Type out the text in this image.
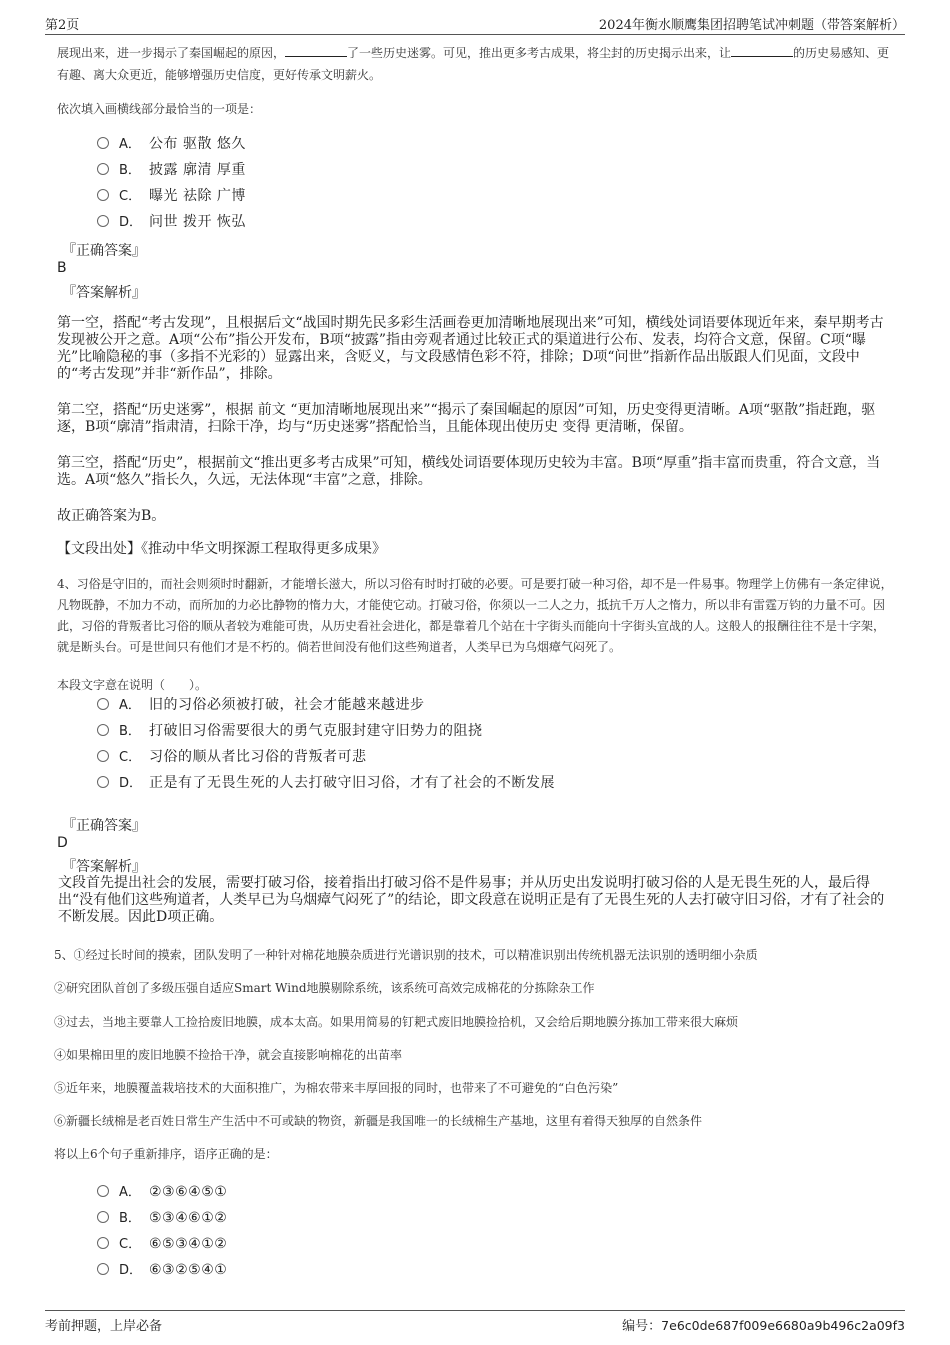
第2页	2024年衡水顺鹰集团招聘笔试冲刺题（带答案解析）
展现出来，进一步揭示了秦国崛起的原因，	了一些历史迷雾。可见，推出更多考古成果，将尘封的历史揭示出来，让	的历史易感知、更有趣、离大众更近，能够增强历史信度，更好传承文明薪火。
依次填入画横线部分最恰当的一项是：
A． 公布 驱散 悠久
B． 披露 廓清 厚重
C． 曝光 祛除 广博
D． 问世 拨开 恢弘
『正确答案』
B
『答案解析』
第一空，搭配“考古发现”，且根据后文“战国时期先民多彩生活画卷更加清晰地展现出来”可知，横线处词语要体现近年来，秦早期考古发现被公开之意。A项“公布”指公开发布，B项“披露”指由旁观者通过比较正式的渠道进行公布、发表，均符合文意，保留。C项“曝光”比喻隐秘的事（多指不光彩的）显露出来，含贬义，与文段感情色彩不符，排除；D项“问世”指新作品出版跟人们见面，文段中的“考古发现”并非“新作品”，排除。
第二空，搭配“历史迷雾”，根据 前文 “更加清晰地展现出来”“揭示了秦国崛起的原因”可知，历史变得更清晰。A项“驱散”指赶跑，驱逐，B项“廓清”指肃清，扫除干净，均与“历史迷雾”搭配恰当，且能体现出使历史 变得 更清晰，保留。
第三空，搭配“历史”，根据前文“推出更多考古成果”可知，横线处词语要体现历史较为丰富。B项“厚重”指丰富而贵重，符合文意，当选。A项“悠久”指长久，久远，无法体现“丰富”之意，排除。
故正确答案为B。
【文段出处】《推动中华文明探源工程取得更多成果》
4、习俗是守旧的，而社会则须时时翻新，才能增长滋大，所以习俗有时时打破的必要。可是要打破一种习俗，却不是一件易事。物理学上仿佛有一条定律说，凡物既静，不加力不动，而所加的力必比静物的惰力大，才能使它动。打破习俗，你须以一二人之力，抵抗千万人之惰力，所以非有雷霆万钧的力量不可。因此，习俗的背叛者比习俗的顺从者较为难能可贵，从历史看社会进化，都是靠着几个站在十字街头而能向十字街头宣战的人。这般人的报酬往往不是十字架，就是断头台。可是世间只有他们才是不朽的。倘若世间没有他们这些殉道者，人类早已为乌烟瘴气闷死了。
本段文字意在说明（　　）。
A． 旧的习俗必须被打破，社会才能越来越进步
B． 打破旧习俗需要很大的勇气克服封建守旧势力的阻挠
C． 习俗的顺从者比习俗的背叛者可悲
D． 正是有了无畏生死的人去打破守旧习俗，才有了社会的不断发展
『正确答案』
D
『答案解析』
文段首先提出社会的发展，需要打破习俗，接着指出打破习俗不是件易事；并从历史出发说明打破习俗的人是无畏生死的人，最后得出“没有他们这些殉道者，人类早已为乌烟瘴气闷死了”的结论，即文段意在说明正是有了无畏生死的人去打破守旧习俗，才有了社会的不断发展。因此D项正确。
5、①经过长时间的摸索，团队发明了一种针对棉花地膜杂质进行光谱识别的技术，可以精准识别出传统机器无法识别的透明细小杂质
②研究团队首创了多级压强自适应Smart Wind地膜剔除系统，该系统可高效完成棉花的分拣除杂工作
③过去，当地主要靠人工捡拾废旧地膜，成本太高。如果用简易的钉耙式废旧地膜捡拾机，又会给后期地膜分拣加工带来很大麻烦
④如果棉田里的废旧地膜不捡拾干净，就会直接影响棉花的出苗率
⑤近年来，地膜覆盖栽培技术的大面积推广，为棉农带来丰厚回报的同时，也带来了不可避免的“白色污染”
⑥新疆长绒棉是老百姓日常生产生活中不可或缺的物资，新疆是我国唯一的长绒棉生产基地，这里有着得天独厚的自然条件
将以上6个句子重新排序，语序正确的是：
A． ②③⑥④⑤①
B． ⑤③④⑥①②
C． ⑥⑤③④①②
D． ⑥③②⑤④①
考前押题，上岸必备	编号：7e6c0de687f009e6680a9b496c2a09f3
